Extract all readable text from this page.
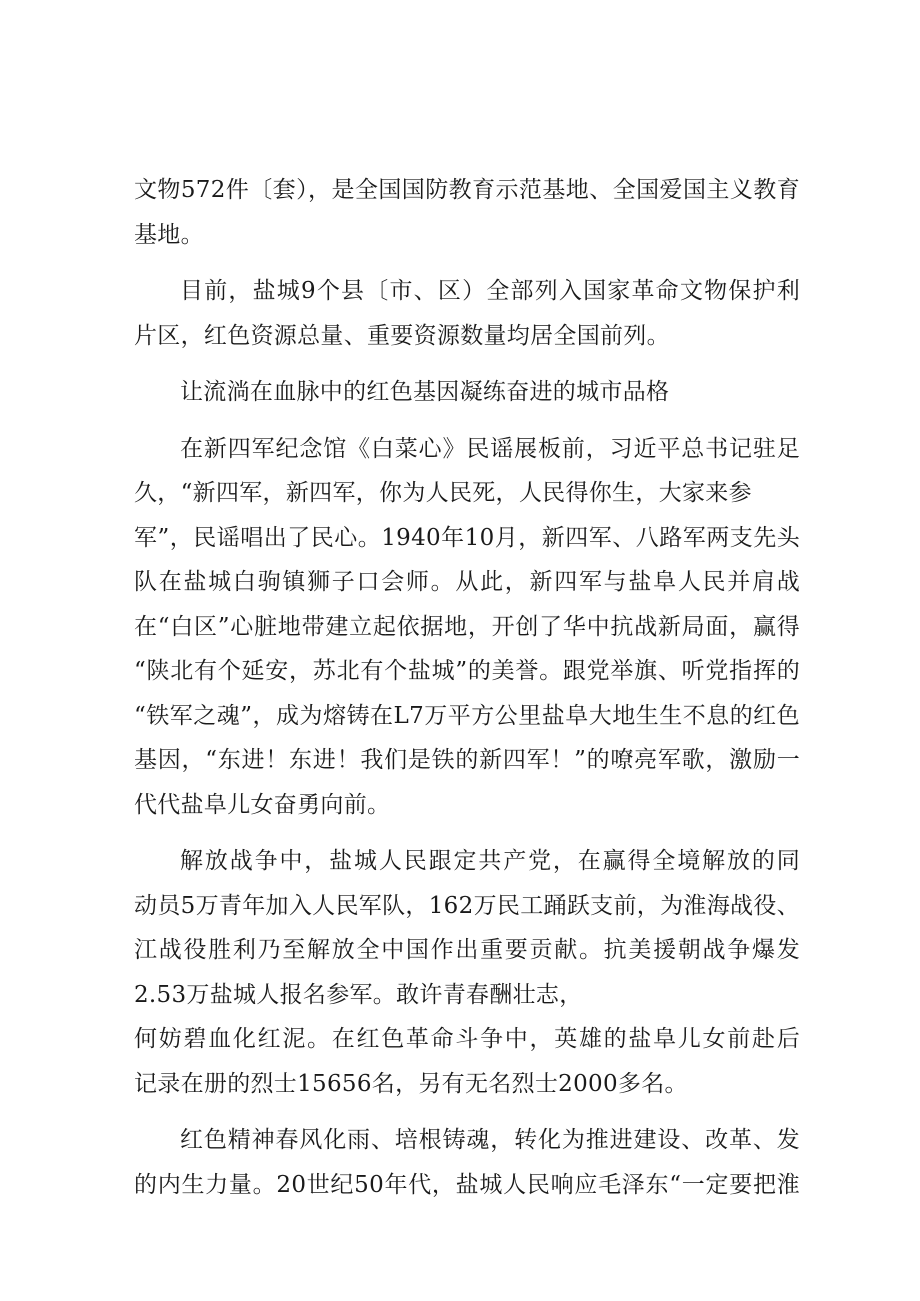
文物572件〔套），是全国国防教育示范基地、全国爱国主义教育
基地。
目前，盐城9个县〔市、区）全部列入国家革命文物保护利
片区，红色资源总量、重要资源数量均居全国前列。
让流淌在血脉中的红色基因凝练奋进的城市品格
在新四军纪念馆《白菜心》民谣展板前，习近平总书记驻足
久，“新四军，新四军，你为人民死，人民得你生，大家来参
军”，民谣唱出了民心。1940年10月，新四军、八路军两支先头
队在盐城白驹镇狮子口会师。从此，新四军与盐阜人民并肩战
在“白区”心脏地带建立起依据地，开创了华中抗战新局面，赢得
“陕北有个延安，苏北有个盐城”的美誉。跟党举旗、听党指挥的
“铁军之魂”，成为熔铸在L7万平方公里盐阜大地生生不息的红色
基因，“东进！东进！我们是铁的新四军！”的嘹亮军歌，激励一
代代盐阜儿女奋勇向前。
解放战争中，盐城人民跟定共产党，在赢得全境解放的同
动员5万青年加入人民军队，162万民工踊跃支前，为淮海战役、
江战役胜利乃至解放全中国作出重要贡献。抗美援朝战争爆发
2.53万盐城人报名参军。敢许青春酬壮志，
何妨碧血化红泥。在红色革命斗争中，英雄的盐阜儿女前赴后
记录在册的烈士15656名，另有无名烈士2000多名。
红色精神春风化雨、培根铸魂，转化为推进建设、改革、发
的内生力量。20世纪50年代，盐城人民响应毛泽东“一定要把淮
